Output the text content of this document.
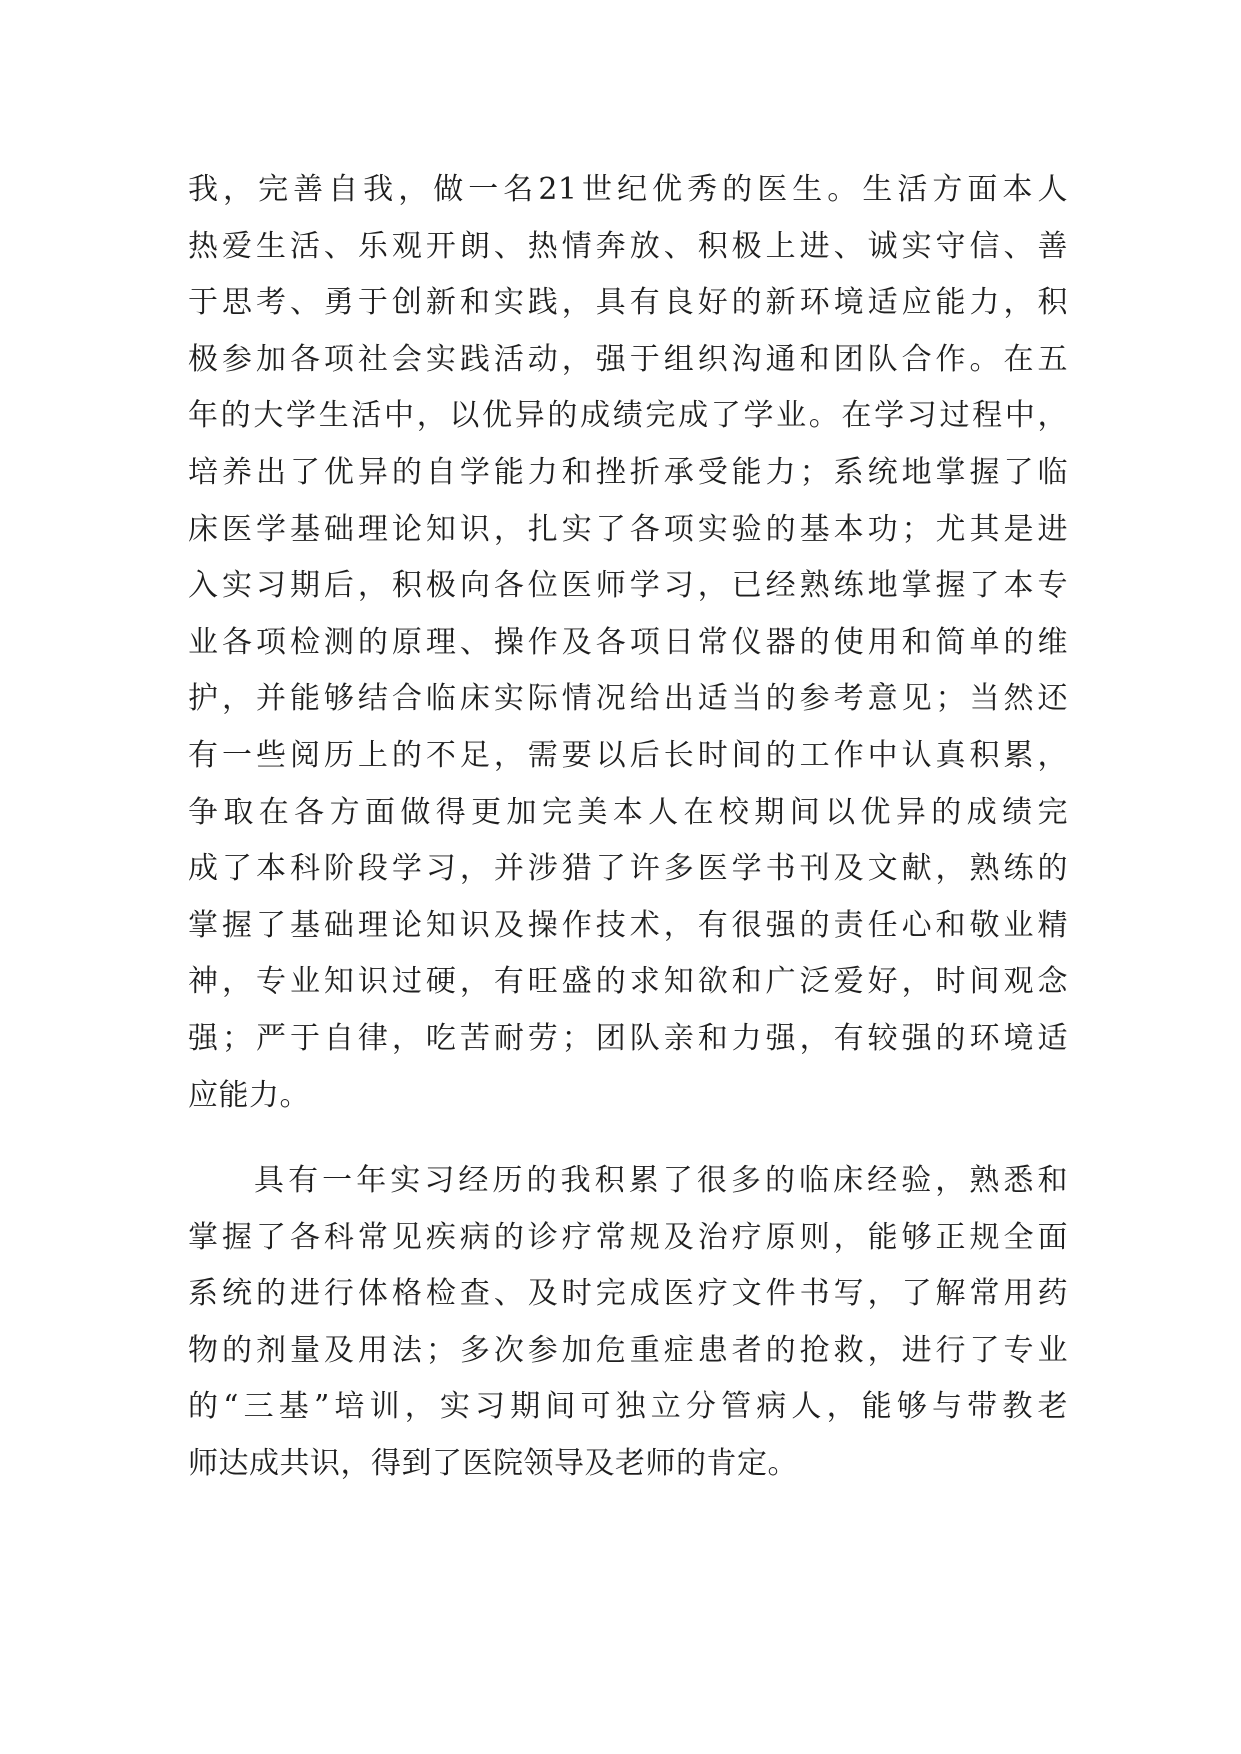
我，完善自我，做一名21世纪优秀的医生。生活方面本人
热爱生活、乐观开朗、热情奔放、积极上进、诚实守信、善
于思考、勇于创新和实践，具有良好的新环境适应能力，积
极参加各项社会实践活动，强于组织沟通和团队合作。在五
年的大学生活中，以优异的成绩完成了学业。在学习过程中，
培养出了优异的自学能力和挫折承受能力；系统地掌握了临
床医学基础理论知识，扎实了各项实验的基本功；尤其是进
入实习期后，积极向各位医师学习，已经熟练地掌握了本专
业各项检测的原理、操作及各项日常仪器的使用和简单的维
护，并能够结合临床实际情况给出适当的参考意见；当然还
有一些阅历上的不足，需要以后长时间的工作中认真积累，
争取在各方面做得更加完美本人在校期间以优异的成绩完
成了本科阶段学习，并涉猎了许多医学书刊及文献，熟练的
掌握了基础理论知识及操作技术，有很强的责任心和敬业精
神，专业知识过硬，有旺盛的求知欲和广泛爱好，时间观念
强；严于自律，吃苦耐劳；团队亲和力强，有较强的环境适
应能力。
具有一年实习经历的我积累了很多的临床经验，熟悉和
掌握了各科常见疾病的诊疗常规及治疗原则，能够正规全面
系统的进行体格检查、及时完成医疗文件书写，了解常用药
物的剂量及用法；多次参加危重症患者的抢救，进行了专业
的“三基”培训，实习期间可独立分管病人，能够与带教老
师达成共识，得到了医院领导及老师的肯定。
